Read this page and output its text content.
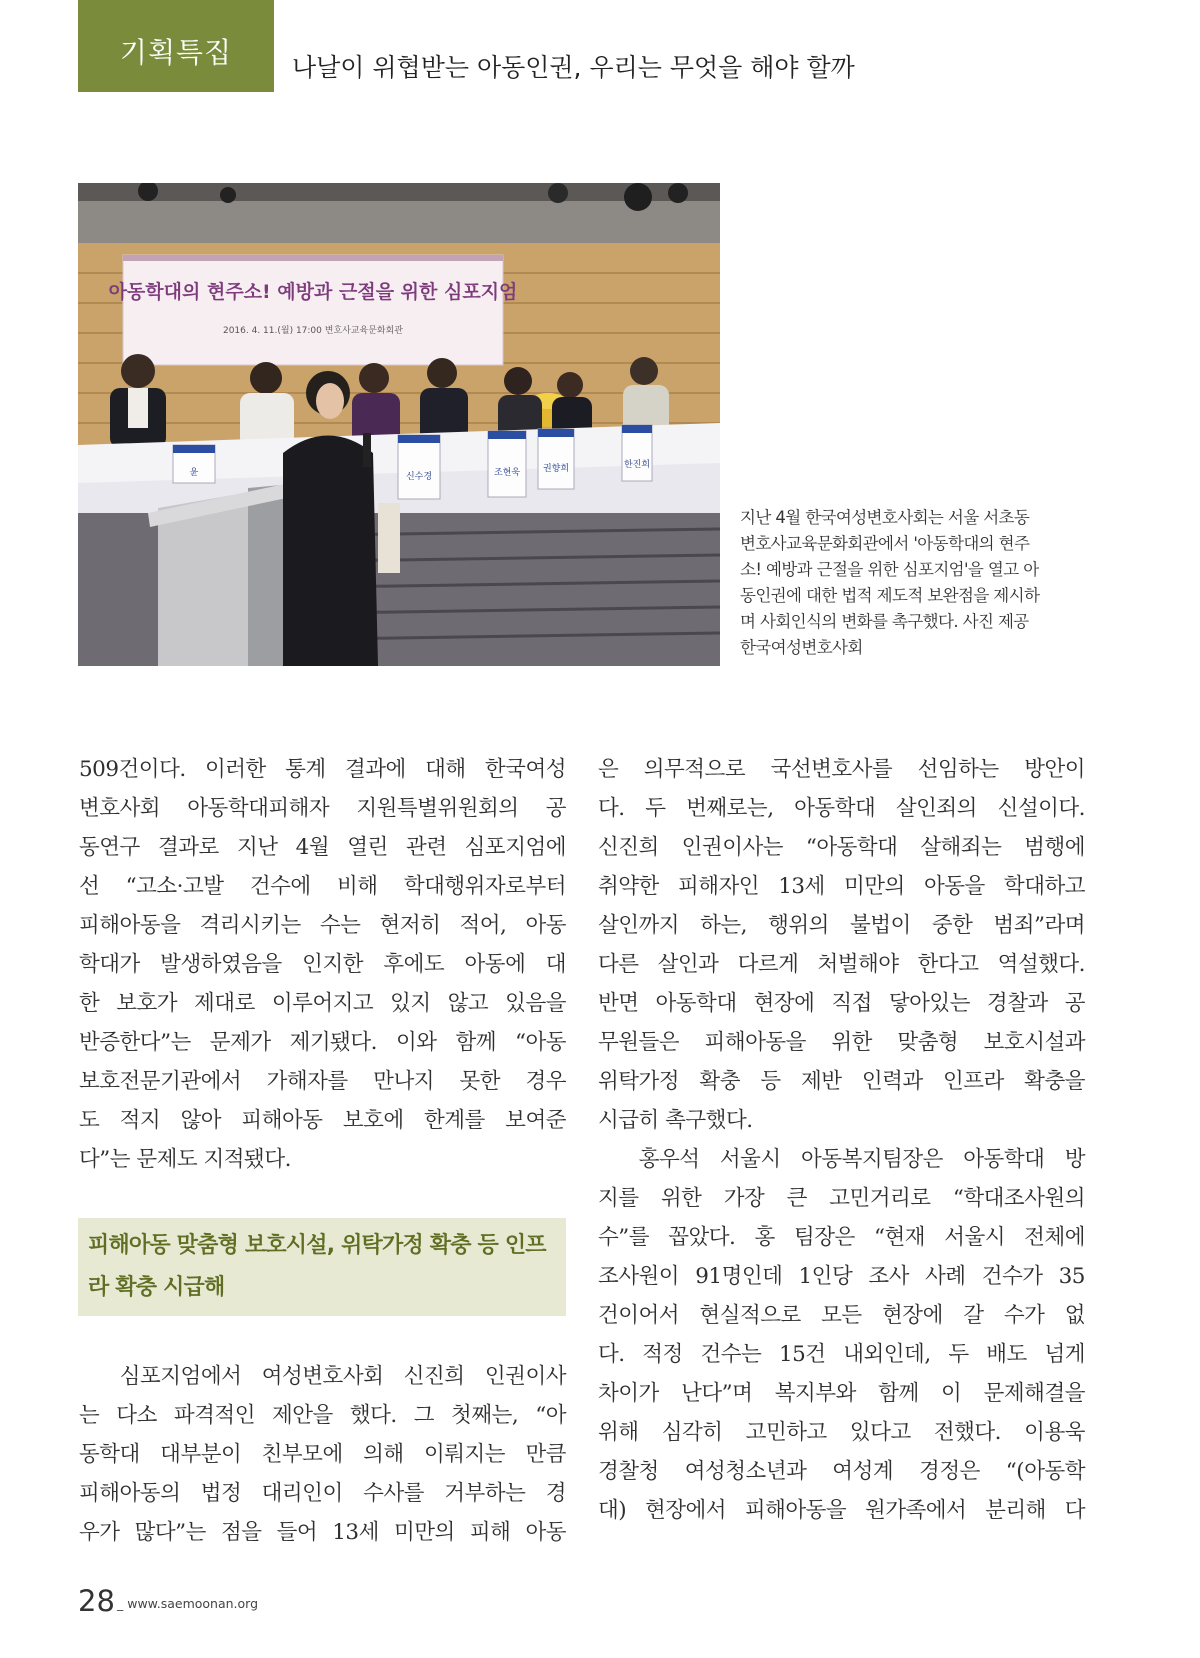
기획특집	나날이 위협받는 아동인권, 우리는 무엇을 해야 할까
아동학대의 현주소! 예방과 근절을 위한 심포지엄
2016. 4. 11.(월) 17:00 변호사교육문화회관
윤	신수경	조현욱	권향희	한진희
지난 4월 한국여성변호사회는 서울 서초동
변호사교육문화회관에서 '아동학대의 현주
소! 예방과 근절을 위한 심포지엄'을 열고 아
동인권에 대한 법적 제도적 보완점을 제시하
며 사회인식의 변화를 촉구했다. 사진 제공
한국여성변호사회
509건이다. 이러한 통계 결과에 대해 한국여성
변호사회 아동학대피해자 지원특별위원회의 공
동연구 결과로 지난 4월 열린 관련 심포지엄에
선 “고소·고발 건수에 비해 학대행위자로부터
피해아동을 격리시키는 수는 현저히 적어, 아동
학대가 발생하였음을 인지한 후에도 아동에 대
한 보호가 제대로 이루어지고 있지 않고 있음을
반증한다”는 문제가 제기됐다. 이와 함께 “아동
보호전문기관에서 가해자를 만나지 못한 경우
도 적지 않아 피해아동 보호에 한계를 보여준
다”는 문제도 지적됐다.
피해아동 맞춤형 보호시설, 위탁가정 확충 등 인프
라 확충 시급해
심포지엄에서 여성변호사회 신진희 인권이사
는 다소 파격적인 제안을 했다. 그 첫째는, “아
동학대 대부분이 친부모에 의해 이뤄지는 만큼
피해아동의 법정 대리인이 수사를 거부하는 경
우가 많다”는 점을 들어 13세 미만의 피해 아동
은 의무적으로 국선변호사를 선임하는 방안이
다. 두 번째로는, 아동학대 살인죄의 신설이다.
신진희 인권이사는 “아동학대 살해죄는 범행에
취약한 피해자인 13세 미만의 아동을 학대하고
살인까지 하는, 행위의 불법이 중한 범죄”라며
다른 살인과 다르게 처벌해야 한다고 역설했다.
반면 아동학대 현장에 직접 닿아있는 경찰과 공
무원들은 피해아동을 위한 맞춤형 보호시설과
위탁가정 확충 등 제반 인력과 인프라 확충을
시급히 촉구했다.
홍우석 서울시 아동복지팀장은 아동학대 방
지를 위한 가장 큰 고민거리로 “학대조사원의
수”를 꼽았다. 홍 팀장은 “현재 서울시 전체에
조사원이 91명인데 1인당 조사 사례 건수가 35
건이어서 현실적으로 모든 현장에 갈 수가 없
다. 적정 건수는 15건 내외인데, 두 배도 넘게
차이가 난다”며 복지부와 함께 이 문제해결을
위해 심각히 고민하고 있다고 전했다. 이용욱
경찰청 여성청소년과 여성계 경정은 “(아동학
대) 현장에서 피해아동을 원가족에서 분리해 다
28 _ www.saemoonan.org
